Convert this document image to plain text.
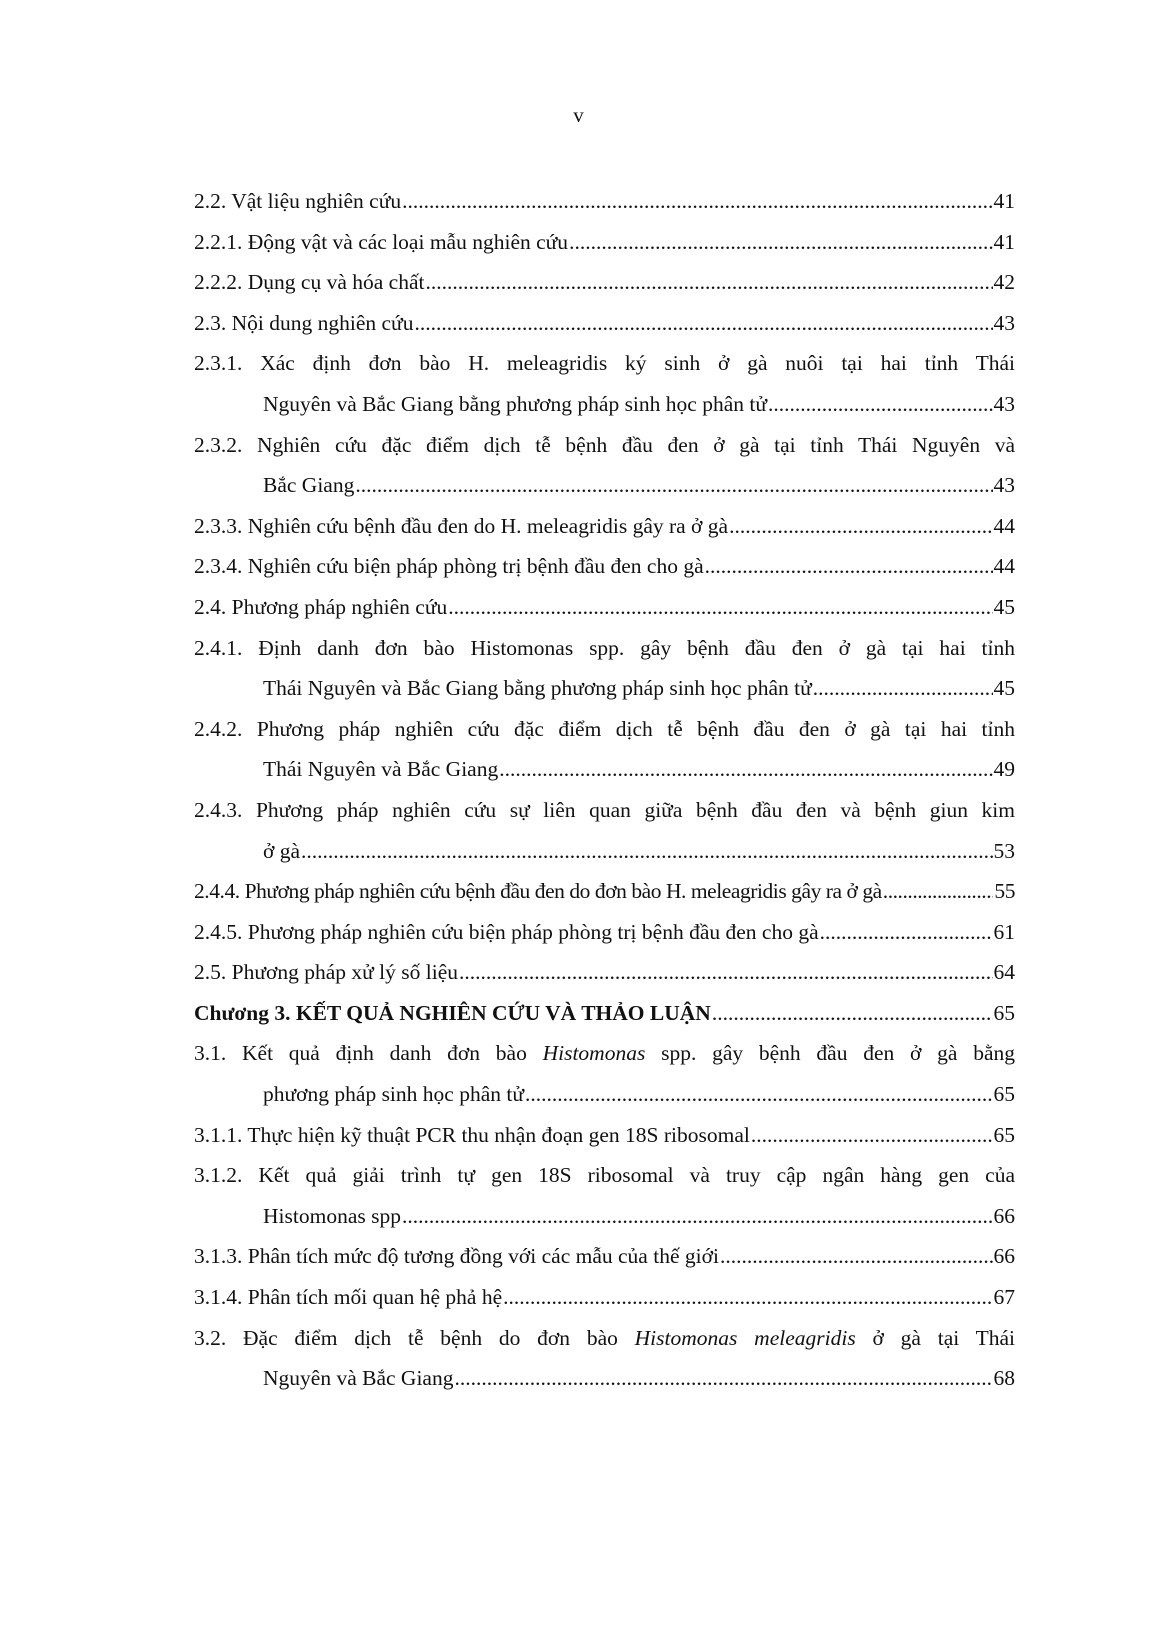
v
2.2. Vật liệu nghiên cứu .....	41
2.2.1. Động vật và các loại mẫu nghiên cứu .....	41
2.2.2. Dụng cụ và hóa chất .....	42
2.3. Nội dung nghiên cứu .....	43
2.3.1. Xác định đơn bào H. meleagridis ký sinh ở gà nuôi tại hai tỉnh Thái
Nguyên và Bắc Giang bằng phương pháp sinh học phân tử .....	43
2.3.2. Nghiên cứu đặc điểm dịch tễ bệnh đầu đen ở gà tại tỉnh Thái Nguyên và
Bắc Giang .....	43
2.3.3. Nghiên cứu bệnh đầu đen do H. meleagridis gây ra ở gà .....	44
2.3.4. Nghiên cứu biện pháp phòng trị bệnh đầu đen cho gà .....	44
2.4. Phương pháp nghiên cứu .....	45
2.4.1. Định danh đơn bào Histomonas spp. gây bệnh đầu đen ở gà tại hai tỉnh
Thái Nguyên và Bắc Giang bằng phương pháp sinh học phân tử .....	45
2.4.2. Phương pháp nghiên cứu đặc điểm dịch tễ bệnh đầu đen ở gà tại hai tỉnh
Thái Nguyên và Bắc Giang .....	49
2.4.3. Phương pháp nghiên cứu sự liên quan giữa bệnh đầu đen và bệnh giun kim
ở gà .....	53
2.4.4. Phương pháp nghiên cứu bệnh đầu đen do đơn bào H. meleagridis gây ra ở gà .....	55
2.4.5. Phương pháp nghiên cứu biện pháp phòng trị bệnh đầu đen cho gà .....	61
2.5. Phương pháp xử lý số liệu .....	64
Chương 3. KẾT QUẢ NGHIÊN CỨU VÀ THẢO LUẬN .....	65
3.1. Kết quả định danh đơn bào Histomonas spp. gây bệnh đầu đen ở gà bằng
phương pháp sinh học phân tử .....	65
3.1.1. Thực hiện kỹ thuật PCR thu nhận đoạn gen 18S ribosomal .....	65
3.1.2. Kết quả giải trình tự gen 18S ribosomal và truy cập ngân hàng gen của
Histomonas spp .....	66
3.1.3. Phân tích mức độ tương đồng với các mẫu của thế giới .....	66
3.1.4. Phân tích mối quan hệ phả hệ .....	67
3.2. Đặc điểm dịch tễ bệnh do đơn bào Histomonas meleagridis ở gà tại Thái
Nguyên và Bắc Giang .....	68
